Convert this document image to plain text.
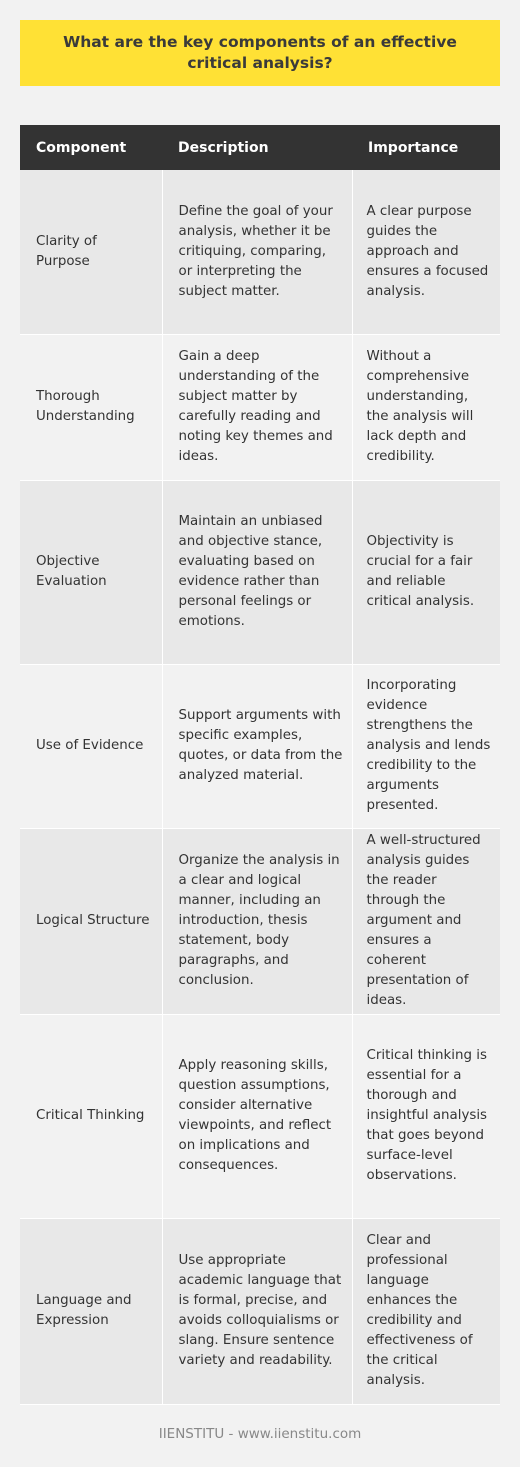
What are the key components of an effective critical analysis?
Component	Description	Importance
Clarity of Purpose	Define the goal of your analysis, whether it be critiquing, comparing, or interpreting the subject matter.	A clear purpose guides the approach and ensures a focused analysis.
Thorough Understanding	Gain a deep understanding of the subject matter by carefully reading and noting key themes and ideas.	Without a comprehensive understanding, the analysis will lack depth and credibility.
Objective Evaluation	Maintain an unbiased and objective stance, evaluating based on evidence rather than personal feelings or emotions.	Objectivity is crucial for a fair and reliable critical analysis.
Use of Evidence	Support arguments with specific examples, quotes, or data from the analyzed material.	Incorporating evidence strengthens the analysis and lends credibility to the arguments presented.
Logical Structure	Organize the analysis in a clear and logical manner, including an introduction, thesis statement, body paragraphs, and conclusion.	A well-structured analysis guides the reader through the argument and ensures a coherent presentation of ideas.
Critical Thinking	Apply reasoning skills, question assumptions, consider alternative viewpoints, and reflect on implications and consequences.	Critical thinking is essential for a thorough and insightful analysis that goes beyond surface-level observations.
Language and Expression	Use appropriate academic language that is formal, precise, and avoids colloquialisms or slang. Ensure sentence variety and readability.	Clear and professional language enhances the credibility and effectiveness of the critical analysis.
IIENSTITU - www.iienstitu.com
